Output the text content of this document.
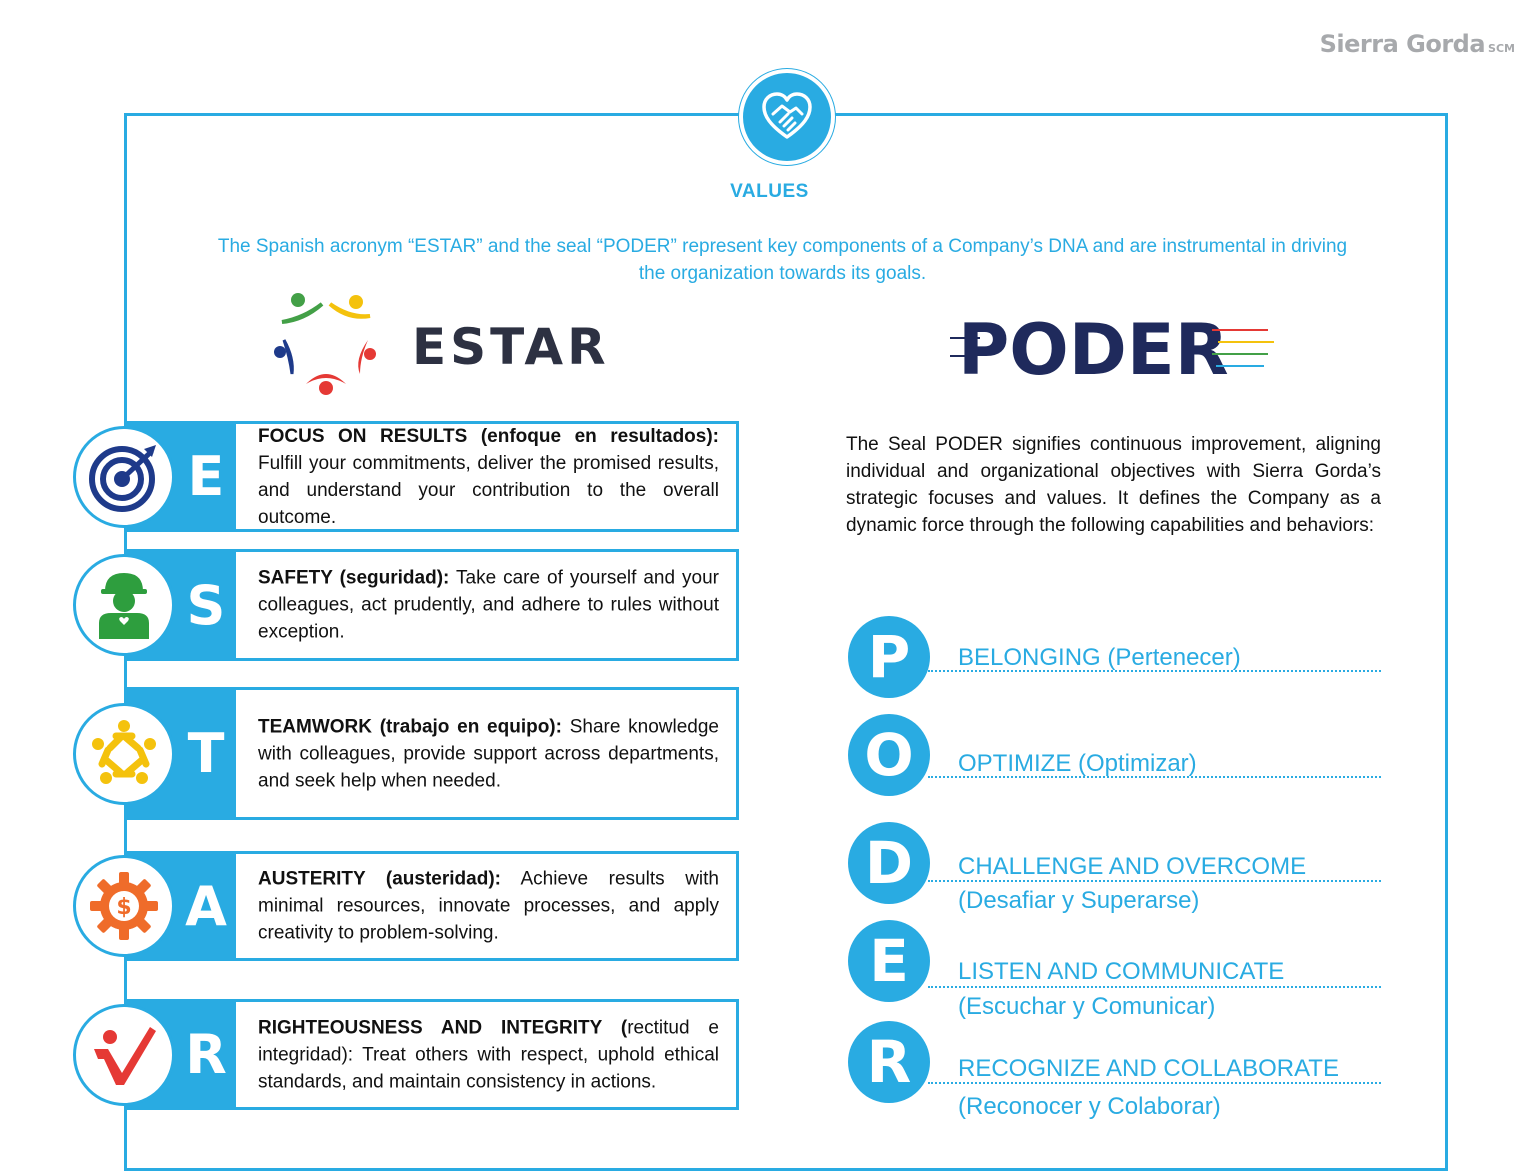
Sierra Gorda SCM
VALUES
The Spanish acronym “ESTAR” and the seal “PODER” represent key components of a Company’s DNA and are instrumental in driving the organization towards its goals.
ESTAR	PODER
The Seal PODER signifies continuous improvement, aligning individual and organizational objectives with Sierra Gorda’s strategic focuses and values. It defines the Company as a dynamic force through the following capabilities and behaviors:
E
FOCUS ON RESULTS (enfoque en resultados): Fulfill your commitments, deliver the promised results, and understand your contribution to the overall outcome.
S	SAFETY (seguridad): Take care of yourself and your colleagues, act prudently, and adhere to rules without exception.
T	TEAMWORK (trabajo en equipo): Share knowledge with colleagues, provide support across departments, and seek help when needed.
A	AUSTERITY (austeridad): Achieve results with minimal resources, innovate processes, and apply creativity to problem-solving.
$
R	RIGHTEOUSNESS AND INTEGRITY (rectitud e integridad): Treat others with respect, uphold ethical standards, and maintain consistency in actions.
P	BELONGING (Pertenecer)
O	OPTIMIZE (Optimizar)
D	CHALLENGE AND OVERCOME
(Desafiar y Superarse)
E	LISTEN AND COMMUNICATE
(Escuchar y Comunicar)
R	RECOGNIZE AND COLLABORATE
(Reconocer y Colaborar)
